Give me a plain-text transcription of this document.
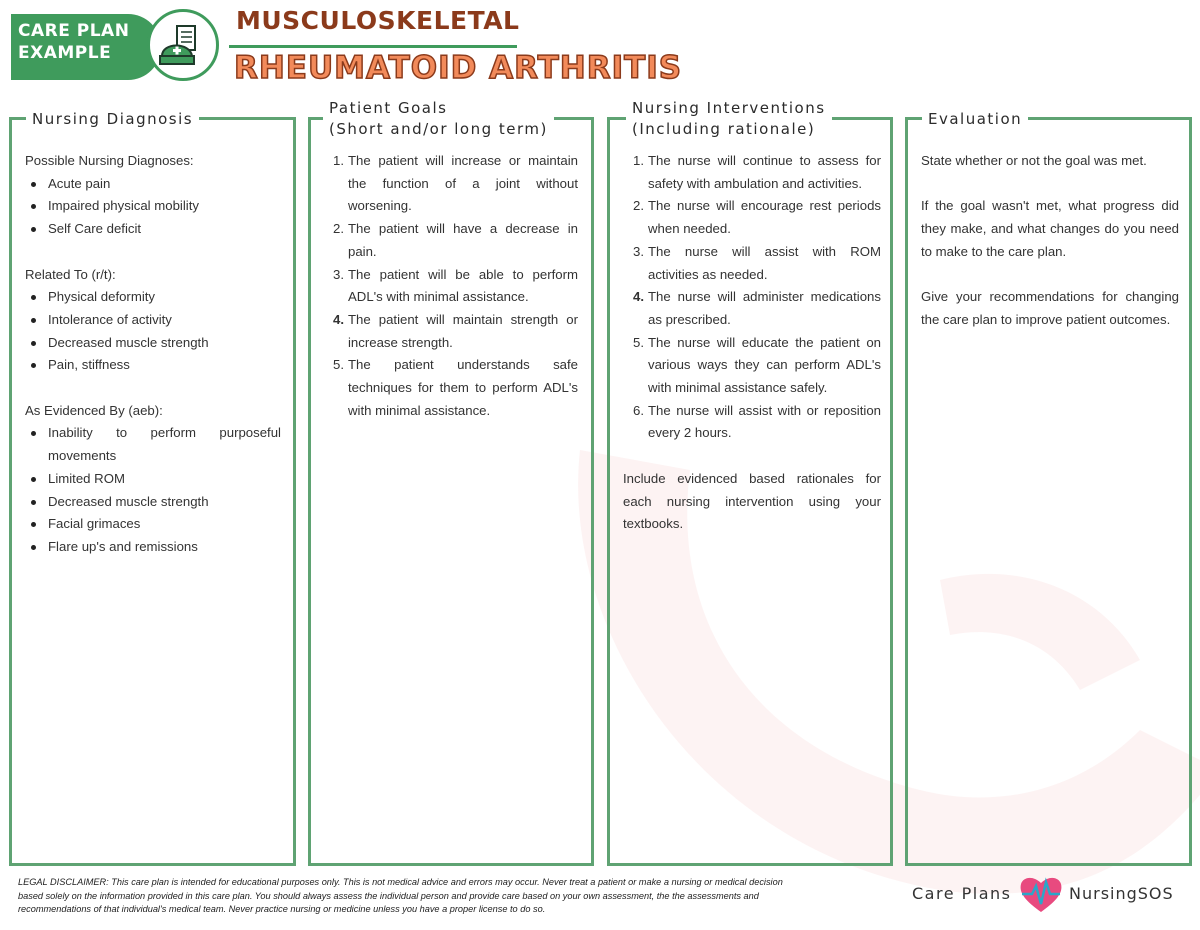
CARE PLAN
EXAMPLE
MUSCULOSKELETAL
RHEUMATOID ARTHRITIS
Nursing Diagnosis
Possible Nursing Diagnoses:
Acute pain
Impaired physical mobility
Self Care deficit
Related To (r/t):
Physical deformity
Intolerance of activity
Decreased muscle strength
Pain, stiffness
As Evidenced By (aeb):
Inability to perform purposeful movements
Limited ROM
Decreased muscle strength
Facial grimaces
Flare up's and remissions
Patient Goals
(Short and/or long term)
1. The patient will increase or maintain the function of a joint without worsening.
2. The patient will have a decrease in pain.
3. The patient will be able to perform ADL's with minimal assistance.
4. The patient will maintain strength or increase strength.
5. The patient understands safe techniques for them to perform ADL's with minimal assistance.
Nursing Interventions
(Including rationale)
1. The nurse will continue to assess for safety with ambulation and activities.
2. The nurse will encourage rest periods when needed.
3. The nurse will assist with ROM activities as needed.
4. The nurse will administer medications as prescribed.
5. The nurse will educate the patient on various ways they can perform ADL's with minimal assistance safely.
6. The nurse will assist with or reposition every 2 hours.
Include evidenced based rationales for each nursing intervention using your textbooks.
Evaluation
State whether or not the goal was met.
If the goal wasn't met, what progress did they make, and what changes do you need to make to the care plan.
Give your recommendations for changing the care plan to improve patient outcomes.
LEGAL DISCLAIMER: This care plan is intended for educational purposes only. This is not medical advice and errors may occur. Never treat a patient or make a nursing or medical decision based solely on the information provided in this care plan. You should always assess the individual person and provide care based on your own assessment, the the assessments and recommendations of that individual's medical team. Never practice nursing or medicine unless you have a proper license to do so.
Care Plans	NursingSOS
